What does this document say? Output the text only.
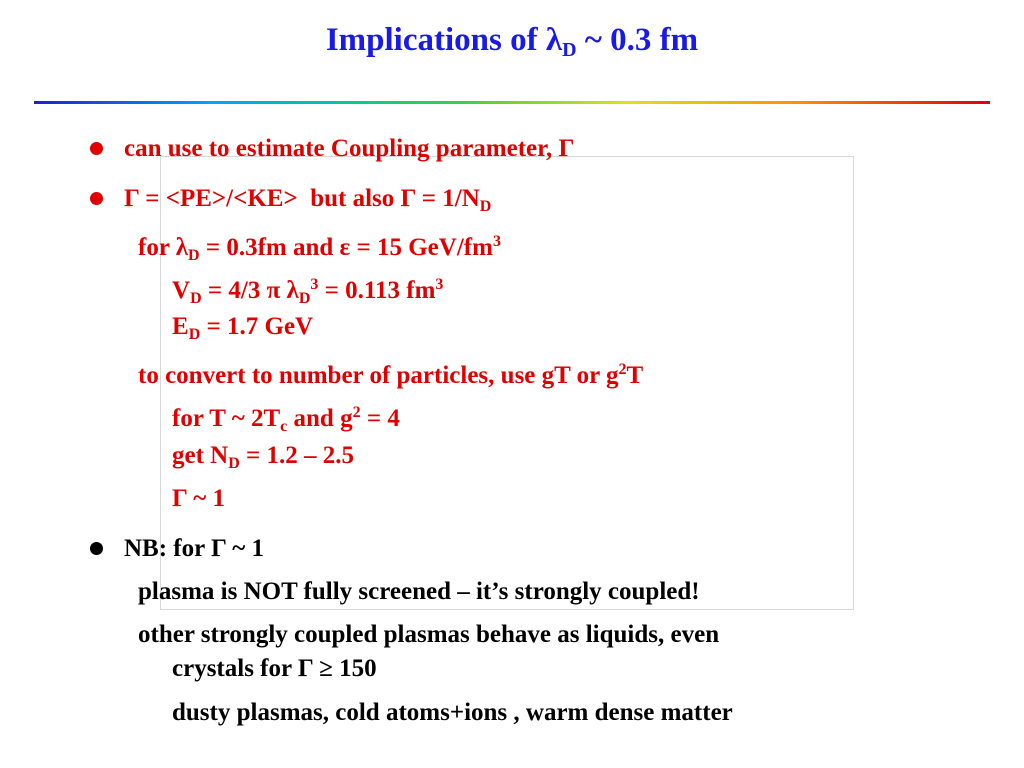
Implications of $\lambda_D$ ~ 0.3 fm
can use to estimate Coupling parameter, Γ
Γ = <PE>/<KE>  but also $\Gamma = 1/N_D$
for $\lambda_D = 0.3fm$ and ε = 15 GeV/$fm^3$
$V_D = 4/3$ π $\lambda_D^3 = 0.113$ $fm^3$
$E_D = 1.7$ GeV
to convert to number of particles, use gT or $g^2T$
for T ~ $2T_c$ and $g^2 = 4$
get $N_D = 1.2 - 2.5$
Γ ~ 1
NB: for Γ ~ 1
plasma is NOT fully screened – it’s strongly coupled!
other strongly coupled plasmas behave as liquids, even
crystals for Γ ≥ 150
dusty plasmas, cold atoms+ions , warm dense matter
